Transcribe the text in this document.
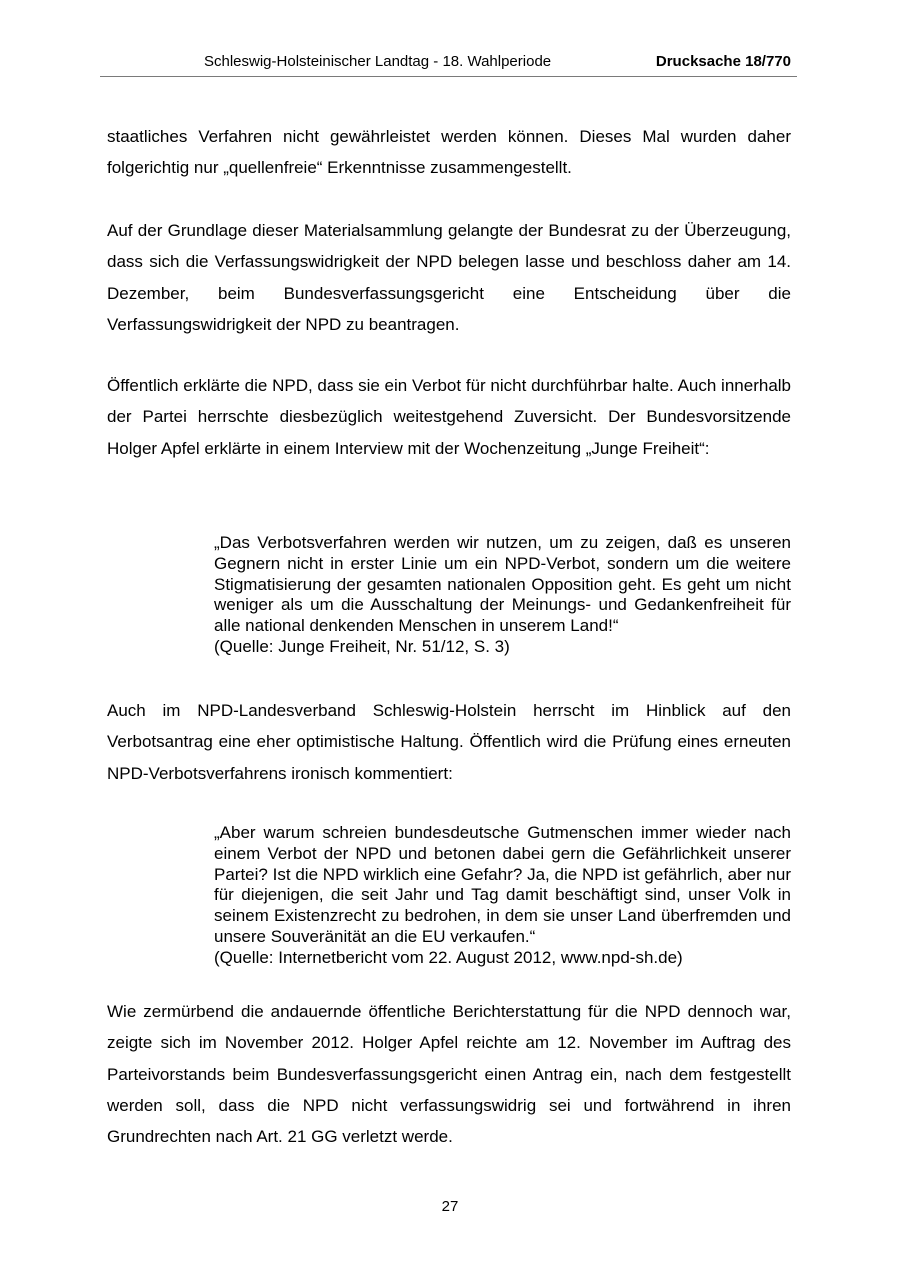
Schleswig-Holsteinischer Landtag - 18. Wahlperiode	Drucksache 18/770
staatliches Verfahren nicht gewährleistet werden können. Dieses Mal wurden daher folgerichtig nur „quellenfreie“ Erkenntnisse zusammengestellt.
Auf der Grundlage dieser Materialsammlung gelangte der Bundesrat zu der Überzeugung, dass sich die Verfassungswidrigkeit der NPD belegen lasse und beschloss daher am 14. Dezember, beim Bundesverfassungsgericht eine Entscheidung über die Verfassungswidrigkeit der NPD zu beantragen.
Öffentlich erklärte die NPD, dass sie ein Verbot für nicht durchführbar halte. Auch innerhalb der Partei herrschte diesbezüglich weitestgehend Zuversicht. Der Bundesvorsitzende Holger Apfel erklärte in einem Interview mit der Wochenzeitung „Junge Freiheit“:
„Das Verbotsverfahren werden wir nutzen, um zu zeigen, daß es unseren Gegnern nicht in erster Linie um ein NPD-Verbot, sondern um die weitere Stigmatisierung der gesamten nationalen Opposition geht. Es geht um nicht weniger als um die Ausschaltung der Meinungs- und Gedankenfreiheit für alle national denkenden Menschen in unserem Land!“
(Quelle: Junge Freiheit, Nr. 51/12, S. 3)
Auch im NPD-Landesverband Schleswig-Holstein herrscht im Hinblick auf den Verbotsantrag eine eher optimistische Haltung. Öffentlich wird die Prüfung eines erneuten NPD-Verbotsverfahrens ironisch kommentiert:
„Aber warum schreien bundesdeutsche Gutmenschen immer wieder nach einem Verbot der NPD und betonen dabei gern die Gefährlichkeit unserer Partei? Ist die NPD wirklich eine Gefahr? Ja, die NPD ist gefährlich, aber nur für diejenigen, die seit Jahr und Tag damit beschäftigt sind, unser Volk in seinem Existenzrecht zu bedrohen, in dem sie unser Land überfremden und unsere Souveränität an die EU verkaufen.“
(Quelle: Internetbericht vom 22. August 2012, www.npd-sh.de)
Wie zermürbend die andauernde öffentliche Berichterstattung für die NPD dennoch war, zeigte sich im November 2012. Holger Apfel reichte am 12. November im Auftrag des Parteivorstands beim Bundesverfassungsgericht einen Antrag ein, nach dem festgestellt werden soll, dass die NPD nicht verfassungswidrig sei und fortwährend in ihren Grundrechten nach Art. 21 GG verletzt werde.
27
